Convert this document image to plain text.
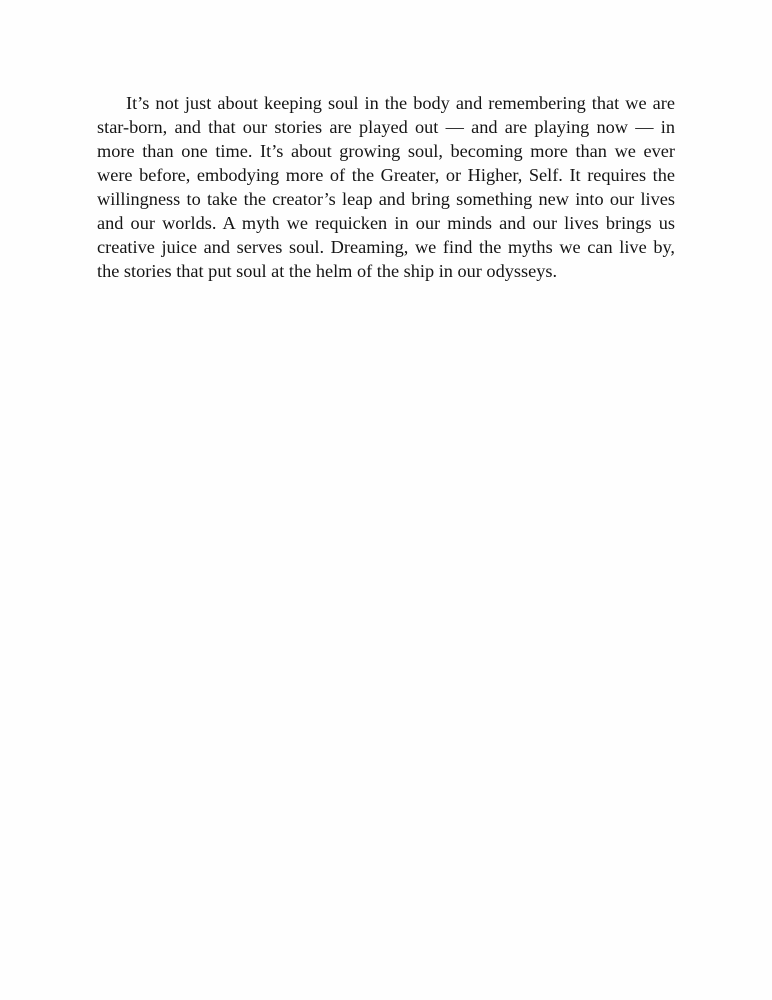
It’s not just about keeping soul in the body and remembering that we are star-born, and that our stories are played out — and are playing now — in more than one time. It’s about growing soul, becoming more than we ever were before, embodying more of the Greater, or Higher, Self. It requires the willingness to take the creator’s leap and bring something new into our lives and our worlds. A myth we requicken in our minds and our lives brings us creative juice and serves soul. Dreaming, we find the myths we can live by, the stories that put soul at the helm of the ship in our odysseys.
